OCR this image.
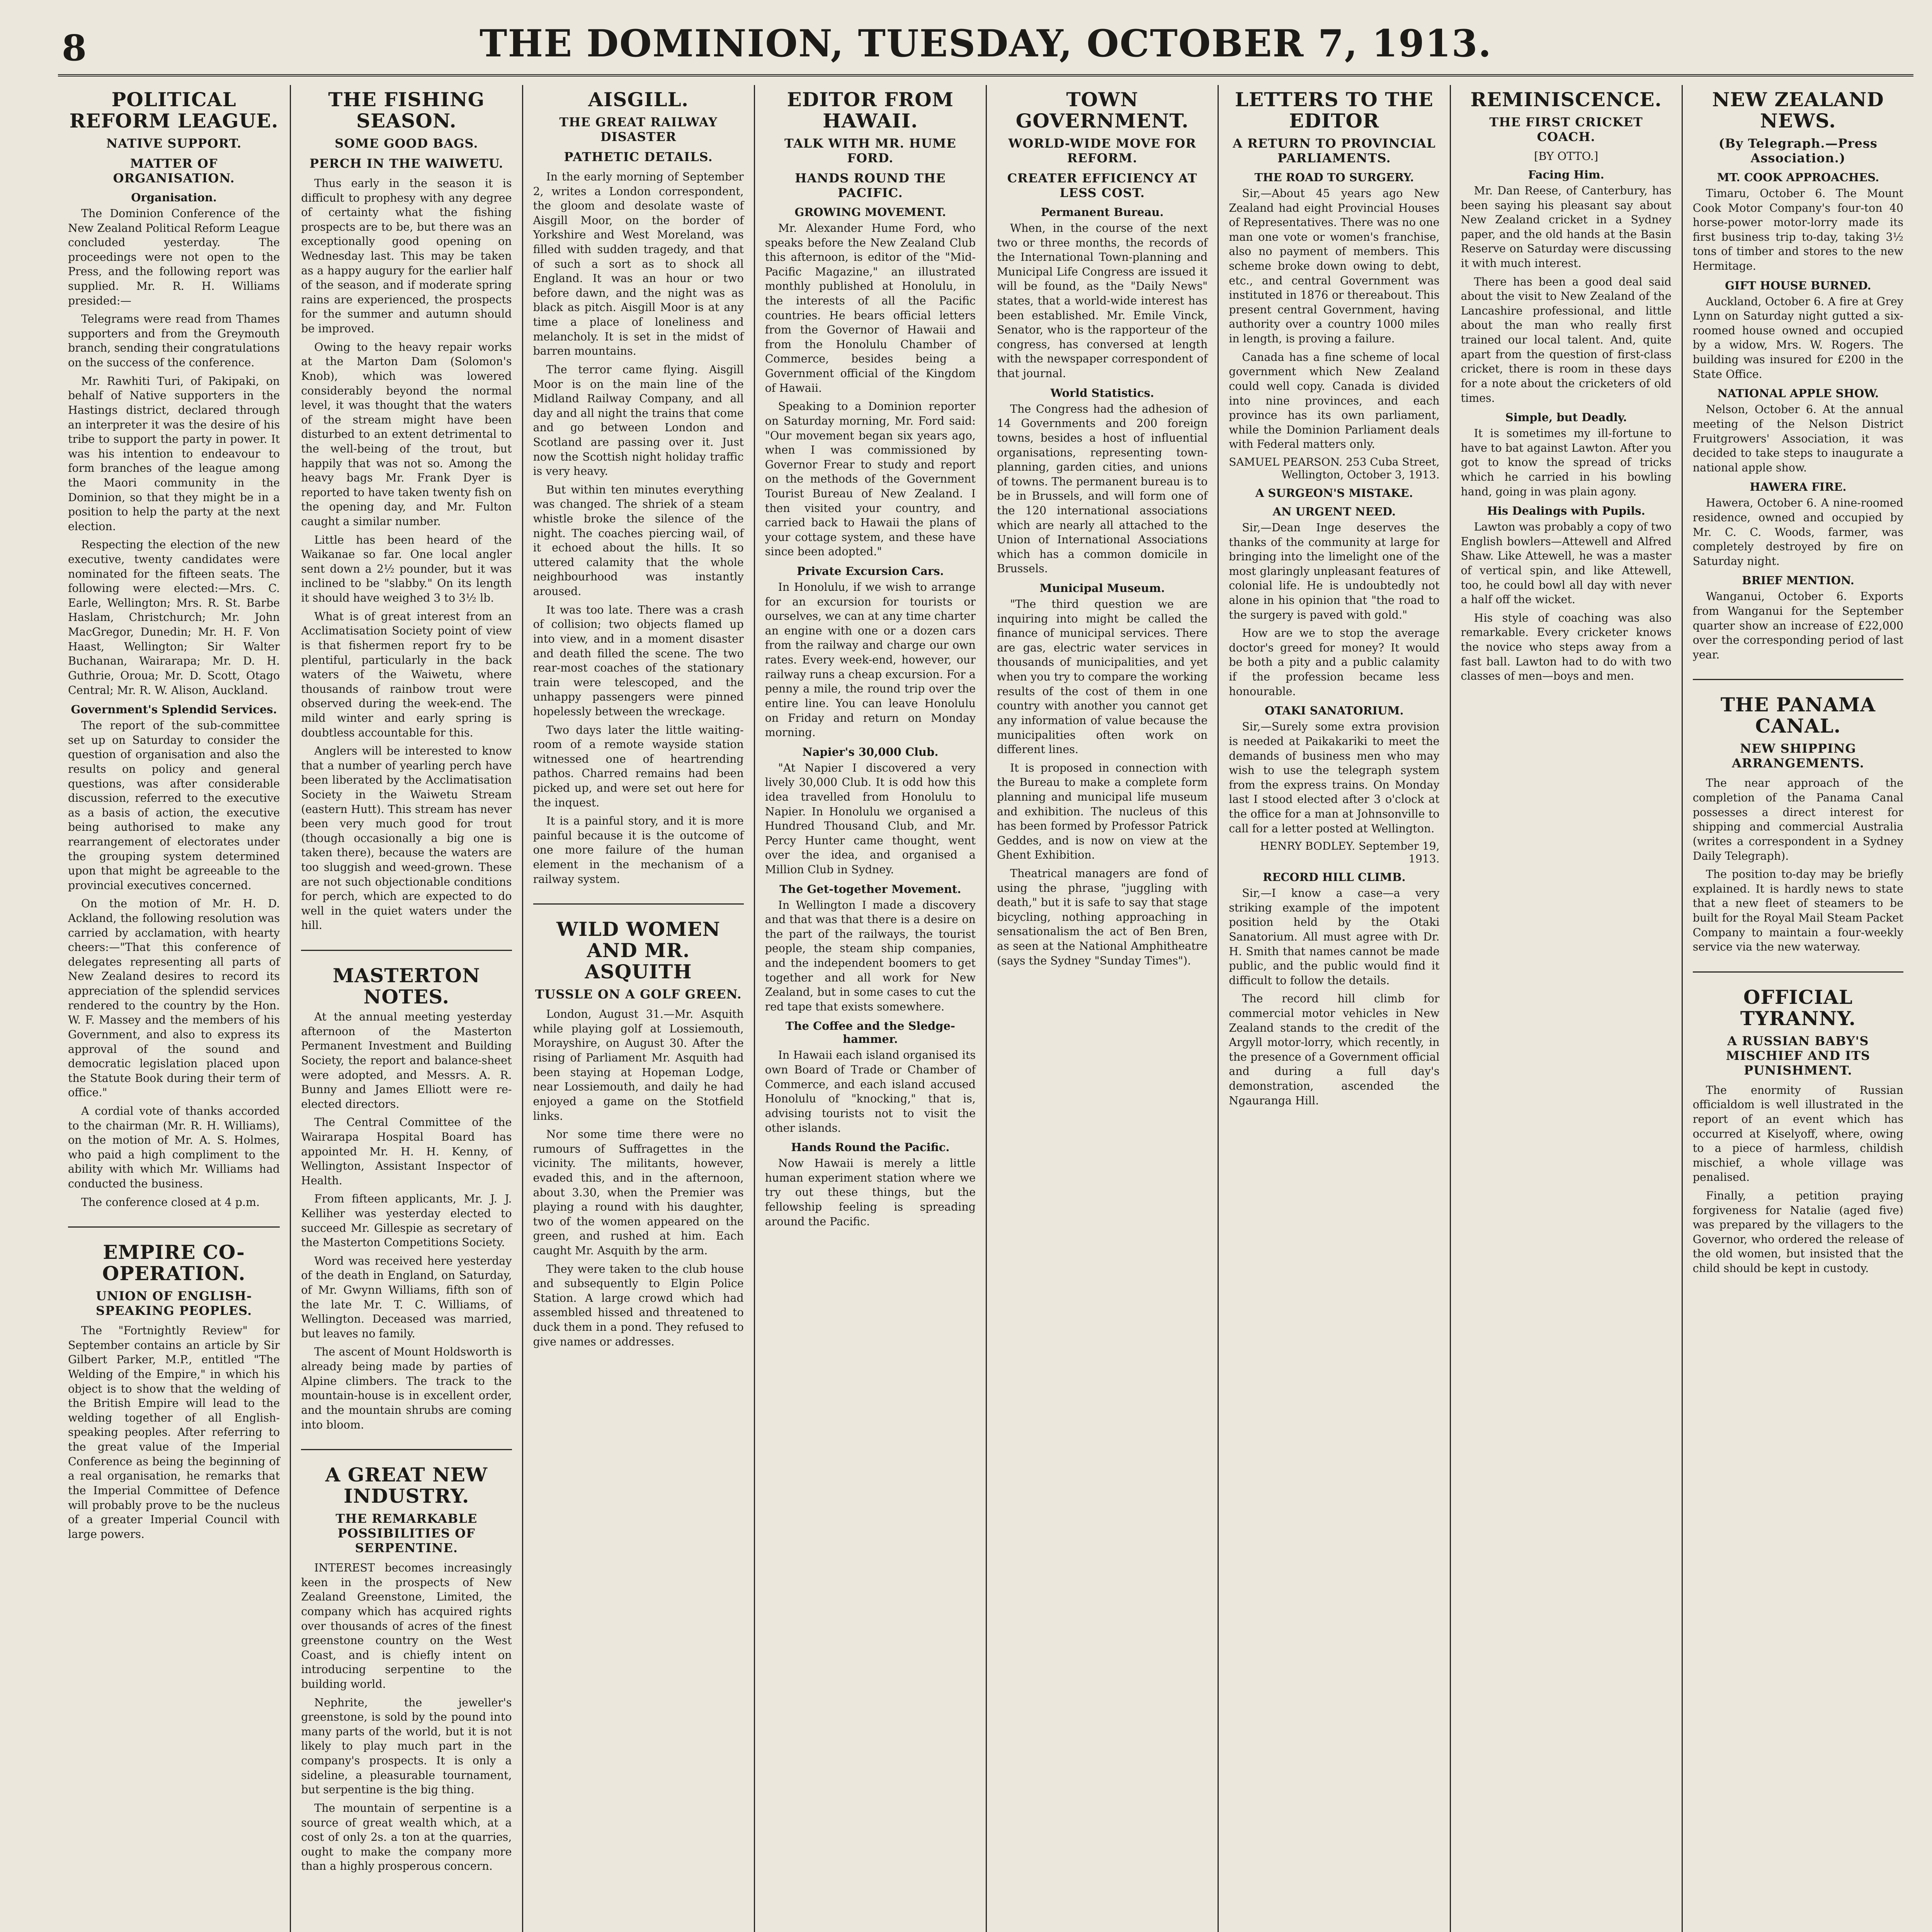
8	THE DOMINION, TUESDAY, OCTOBER 7, 1913.
POLITICAL REFORM LEAGUE.
NATIVE SUPPORT.
MATTER OF ORGANISATION.
Organisation.

The Dominion Conference of the New Zealand Political Reform League concluded yesterday. The proceedings were not open to the Press, and the following report was supplied. Mr. R. H. Williams presided:—

Telegrams were read from Thames supporters and from the Greymouth branch, sending their congratulations on the success of the conference.

Mr. Rawhiti Turi, of Pakipaki, on behalf of Native supporters in the Hastings district, declared through an interpreter it was the desire of his tribe to support the party in power. It was his intention to endeavour to form branches of the league among the Maori community in the Dominion, so that they might be in a position to help the party at the next election.

Respecting the election of the new executive, twenty candidates were nominated for the fifteen seats. The following were elected:—Mrs. C. Earle, Wellington; Mrs. R. St. Barbe Haslam, Christchurch; Mr. John MacGregor, Dunedin; Mr. H. F. Von Haast, Wellington; Sir Walter Buchanan, Wairarapa; Mr. D. H. Guthrie, Oroua; Mr. D. Scott, Otago Central; Mr. R. W. Alison, Auckland.

Government's Splendid Services.

The report of the sub-committee set up on Saturday to consider the question of organisation and also the results on policy and general questions, was after considerable discussion, referred to the executive as a basis of action, the executive being authorised to make any rearrangement of electorates under the grouping system determined upon that might be agreeable to the provincial executives concerned.

On the motion of Mr. H. D. Ackland, the following resolution was carried by acclamation, with hearty cheers:—"That this conference of delegates representing all parts of New Zealand desires to record its appreciation of the splendid services rendered to the country by the Hon. W. F. Massey and the members of his Government, and also to express its approval of the sound and democratic legislation placed upon the Statute Book during their term of office."

A cordial vote of thanks accorded to the chairman (Mr. R. H. Williams), on the motion of Mr. A. S. Holmes, who paid a high compliment to the ability with which Mr. Williams had conducted the business.

The conference closed at 4 p.m.

EMPIRE CO-OPERATION.
UNION OF ENGLISH-SPEAKING PEOPLES.

The "Fortnightly Review" for September contains an article by Sir Gilbert Parker, M.P., entitled "The Welding of the Empire," in which his object is to show that the welding of the British Empire will lead to the welding together of all English-speaking peoples. After referring to the great value of the Imperial Conference as being the beginning of a real organisation, he remarks that the Imperial Committee of Defence will probably prove to be the nucleus of a greater Imperial Council with large powers.

THE FISHING SEASON.
SOME GOOD BAGS.
PERCH IN THE WAIWETU.

Thus early in the season it is difficult to prophesy with any degree of certainty what the fishing prospects are to be, but there was an exceptionally good opening on Wednesday last. This may be taken as a happy augury for the earlier half of the season, and if moderate spring rains are experienced, the prospects for the summer and autumn should be improved.

Owing to the heavy repair works at the Marton Dam (Solomon's Knob), which was lowered considerably beyond the normal level, it was thought that the waters of the stream might have been disturbed to an extent detrimental to the well-being of the trout, but happily that was not so. Among the heavy bags Mr. Frank Dyer is reported to have taken twenty fish on the opening day, and Mr. Fulton caught a similar number.

Little has been heard of the Waikanae so far. One local angler sent down a 2½ pounder, but it was inclined to be "slabby." On its length it should have weighed 3 to 3½ lb.

What is of great interest from an Acclimatisation Society point of view is that fishermen report fry to be plentiful, particularly in the back waters of the Waiwetu, where thousands of rainbow trout were observed during the week-end. The mild winter and early spring is doubtless accountable for this.

Anglers will be interested to know that a number of yearling perch have been liberated by the Acclimatisation Society in the Waiwetu Stream (eastern Hutt). This stream has never been very much good for trout (though occasionally a big one is taken there), because the waters are too sluggish and weed-grown. These are not such objectionable conditions for perch, which are expected to do well in the quiet waters under the hill.

MASTERTON NOTES.

At the annual meeting yesterday afternoon of the Masterton Permanent Investment and Building Society, the report and balance-sheet were adopted, and Messrs. A. R. Bunny and James Elliott were re-elected directors.

The Central Committee of the Wairarapa Hospital Board has appointed Mr. H. H. Kenny, of Wellington, Assistant Inspector of Health.

From fifteen applicants, Mr. J. J. Kelliher was yesterday elected to succeed Mr. Gillespie as secretary of the Masterton Competitions Society.

Word was received here yesterday of the death in England, on Saturday, of Mr. Gwynn Williams, fifth son of the late Mr. T. C. Williams, of Wellington. Deceased was married, but leaves no family.

The ascent of Mount Holdsworth is already being made by parties of Alpine climbers. The track to the mountain-house is in excellent order, and the mountain shrubs are coming into bloom.

A GREAT NEW INDUSTRY.
THE REMARKABLE POSSIBILITIES OF SERPENTINE.

INTEREST becomes increasingly keen in the prospects of New Zealand Greenstone, Limited, the company which has acquired rights over thousands of acres of the finest greenstone country on the West Coast, and is chiefly intent on introducing serpentine to the building world.

Nephrite, the jeweller's greenstone, is sold by the pound into many parts of the world, but it is not likely to play much part in the company's prospects. It is only a sideline, a pleasurable tournament, but serpentine is the big thing.

The mountain of serpentine is a source of great wealth which, at a cost of only 2s. a ton at the quarries, ought to make the company more than a highly prosperous concern.

AISGILL.
THE GREAT RAILWAY DISASTER
PATHETIC DETAILS.

In the early morning of September 2, writes a London correspondent, the gloom and desolate waste of Aisgill Moor, on the border of Yorkshire and West Moreland, was filled with sudden tragedy, and that of such a sort as to shock all England. It was an hour or two before dawn, and the night was as black as pitch. Aisgill Moor is at any time a place of loneliness and melancholy. It is set in the midst of barren mountains.

The terror came flying. Aisgill Moor is on the main line of the Midland Railway Company, and all day and all night the trains that come and go between London and Scotland are passing over it. Just now the Scottish night holiday traffic is very heavy.

But within ten minutes everything was changed. The shriek of a steam whistle broke the silence of the night. The coaches piercing wail, of it echoed about the hills. It so uttered calamity that the whole neighbourhood was instantly aroused.

It was too late. There was a crash of collision; two objects flamed up into view, and in a moment disaster and death filled the scene. The two rear-most coaches of the stationary train were telescoped, and the unhappy passengers were pinned hopelessly between the wreckage.

Two days later the little waiting-room of a remote wayside station witnessed one of heartrending pathos. Charred remains had been picked up, and were set out here for the inquest.

It is a painful story, and it is more painful because it is the outcome of one more failure of the human element in the mechanism of a railway system.

WILD WOMEN AND MR. ASQUITH
TUSSLE ON A GOLF GREEN.

London, August 31.—Mr. Asquith while playing golf at Lossiemouth, Morayshire, on August 30. After the rising of Parliament Mr. Asquith had been staying at Hopeman Lodge, near Lossiemouth, and daily he had enjoyed a game on the Stotfield links.

Nor some time there were no rumours of Suffragettes in the vicinity. The militants, however, evaded this, and in the afternoon, about 3.30, when the Premier was playing a round with his daughter, two of the women appeared on the green, and rushed at him. Each caught Mr. Asquith by the arm.

They were taken to the club house and subsequently to Elgin Police Station. A large crowd which had assembled hissed and threatened to duck them in a pond. They refused to give names or addresses.

EDITOR FROM HAWAII.
TALK WITH MR. HUME FORD.
HANDS ROUND THE PACIFIC.
GROWING MOVEMENT.

Mr. Alexander Hume Ford, who speaks before the New Zealand Club this afternoon, is editor of the "Mid-Pacific Magazine," an illustrated monthly published at Honolulu, in the interests of all the Pacific countries. He bears official letters from the Governor of Hawaii and from the Honolulu Chamber of Commerce, besides being a Government official of the Kingdom of Hawaii.

Speaking to a Dominion reporter on Saturday morning, Mr. Ford said: "Our movement began six years ago, when I was commissioned by Governor Frear to study and report on the methods of the Government Tourist Bureau of New Zealand. I then visited your country, and carried back to Hawaii the plans of your cottage system, and these have since been adopted."

Private Excursion Cars.

In Honolulu, if we wish to arrange for an excursion for tourists or ourselves, we can at any time charter an engine with one or a dozen cars from the railway and charge our own rates. Every week-end, however, our railway runs a cheap excursion. For a penny a mile, the round trip over the entire line. You can leave Honolulu on Friday and return on Monday morning.

Napier's 30,000 Club.

"At Napier I discovered a very lively 30,000 Club. It is odd how this idea travelled from Honolulu to Napier. In Honolulu we organised a Hundred Thousand Club, and Mr. Percy Hunter came thought, went over the idea, and organised a Million Club in Sydney.

The Get-together Movement.

In Wellington I made a discovery and that was that there is a desire on the part of the railways, the tourist people, the steam ship companies, and the independent boomers to get together and all work for New Zealand, but in some cases to cut the red tape that exists somewhere.

The Coffee and the Sledge-hammer.

In Hawaii each island organised its own Board of Trade or Chamber of Commerce, and each island accused Honolulu of "knocking," that is, advising tourists not to visit the other islands.

Hands Round the Pacific.

Now Hawaii is merely a little human experiment station where we try out these things, but the fellowship feeling is spreading around the Pacific.

TOWN GOVERNMENT.
WORLD-WIDE MOVE FOR REFORM.
CREATER EFFICIENCY AT LESS COST.
Permanent Bureau.

When, in the course of the next two or three months, the records of the International Town-planning and Municipal Life Congress are issued it will be found, as the "Daily News" states, that a world-wide interest has been established. Mr. Emile Vinck, Senator, who is the rapporteur of the congress, has conversed at length with the newspaper correspondent of that journal.

World Statistics.

The Congress had the adhesion of 14 Governments and 200 foreign towns, besides a host of influential organisations, representing town-planning, garden cities, and unions of towns. The permanent bureau is to be in Brussels, and will form one of the 120 international associations which are nearly all attached to the Union of International Associations which has a common domicile in Brussels.

Municipal Museum.

"The third question we are inquiring into might be called the finance of municipal services. There are gas, electric water services in thousands of municipalities, and yet when you try to compare the working results of the cost of them in one country with another you cannot get any information of value because the municipalities often work on different lines.

It is proposed in connection with the Bureau to make a complete form planning and municipal life museum and exhibition. The nucleus of this has been formed by Professor Patrick Geddes, and is now on view at the Ghent Exhibition.

Theatrical managers are fond of using the phrase, "juggling with death," but it is safe to say that stage bicycling, nothing approaching in sensationalism the act of Ben Bren, as seen at the National Amphitheatre (says the Sydney "Sunday Times").

LETTERS TO THE EDITOR
A RETURN TO PROVINCIAL PARLIAMENTS.
THE ROAD TO SURGERY.

Sir,—About 45 years ago New Zealand had eight Provincial Houses of Representatives. There was no one man one vote or women's franchise, also no payment of members. This scheme broke down owing to debt, etc., and central Government was instituted in 1876 or thereabout. This present central Government, having authority over a country 1000 miles in length, is proving a failure.

Canada has a fine scheme of local government which New Zealand could well copy. Canada is divided into nine provinces, and each province has its own parliament, while the Dominion Parliament deals with Federal matters only.

SAMUEL PEARSON. 253 Cuba Street, Wellington, October 3, 1913.
A SURGEON'S MISTAKE.
AN URGENT NEED.

Sir,—Dean Inge deserves the thanks of the community at large for bringing into the limelight one of the most glaringly unpleasant features of colonial life. He is undoubtedly not alone in his opinion that "the road to the surgery is paved with gold."

How are we to stop the average doctor's greed for money? It would be both a pity and a public calamity if the profession became less honourable.

OTAKI SANATORIUM.

Sir,—Surely some extra provision is needed at Paikakariki to meet the demands of business men who may wish to use the telegraph system from the express trains. On Monday last I stood elected after 3 o'clock at the office for a man at Johnsonville to call for a letter posted at Wellington.

HENRY BODLEY. September 19, 1913.
RECORD HILL CLIMB.

Sir,—I know a case—a very striking example of the impotent position held by the Otaki Sanatorium. All must agree with Dr. H. Smith that names cannot be made public, and the public would find it difficult to follow the details.

The record hill climb for commercial motor vehicles in New Zealand stands to the credit of the Argyll motor-lorry, which recently, in the presence of a Government official and during a full day's demonstration, ascended the Ngauranga Hill.

REMINISCENCE.
THE FIRST CRICKET COACH.
[BY OTTO.]
Facing Him.

Mr. Dan Reese, of Canterbury, has been saying his pleasant say about New Zealand cricket in a Sydney paper, and the old hands at the Basin Reserve on Saturday were discussing it with much interest.

There has been a good deal said about the visit to New Zealand of the Lancashire professional, and little about the man who really first trained our local talent. And, quite apart from the question of first-class cricket, there is room in these days for a note about the cricketers of old times.

Simple, but Deadly.

It is sometimes my ill-fortune to have to bat against Lawton. After you got to know the spread of tricks which he carried in his bowling hand, going in was plain agony.

His Dealings with Pupils.

Lawton was probably a copy of two English bowlers—Attewell and Alfred Shaw. Like Attewell, he was a master of vertical spin, and like Attewell, too, he could bowl all day with never a half off the wicket.

His style of coaching was also remarkable. Every cricketer knows the novice who steps away from a fast ball. Lawton had to do with two classes of men—boys and men.

NEW ZEALAND NEWS.
(By Telegraph.—Press Association.)
MT. COOK APPROACHES.

Timaru, October 6. The Mount Cook Motor Company's four-ton 40 horse-power motor-lorry made its first business trip to-day, taking 3½ tons of timber and stores to the new Hermitage.

GIFT HOUSE BURNED.

Auckland, October 6. A fire at Grey Lynn on Saturday night gutted a six-roomed house owned and occupied by a widow, Mrs. W. Rogers. The building was insured for £200 in the State Office.

NATIONAL APPLE SHOW.

Nelson, October 6. At the annual meeting of the Nelson District Fruitgrowers' Association, it was decided to take steps to inaugurate a national apple show.

HAWERA FIRE.

Hawera, October 6. A nine-roomed residence, owned and occupied by Mr. C. C. Woods, farmer, was completely destroyed by fire on Saturday night.

BRIEF MENTION.

Wanganui, October 6. Exports from Wanganui for the September quarter show an increase of £22,000 over the corresponding period of last year.

THE PANAMA CANAL.
NEW SHIPPING ARRANGEMENTS.

The near approach of the completion of the Panama Canal possesses a direct interest for shipping and commercial Australia (writes a correspondent in a Sydney Daily Telegraph).

The position to-day may be briefly explained. It is hardly news to state that a new fleet of steamers to be built for the Royal Mail Steam Packet Company to maintain a four-weekly service via the new waterway.

OFFICIAL TYRANNY.
A RUSSIAN BABY'S MISCHIEF AND ITS PUNISHMENT.

The enormity of Russian officialdom is well illustrated in the report of an event which has occurred at Kiselyoff, where, owing to a piece of harmless, childish mischief, a whole village was penalised.

Finally, a petition praying forgiveness for Natalie (aged five) was prepared by the villagers to the Governor, who ordered the release of the old women, but insisted that the child should be kept in custody.
